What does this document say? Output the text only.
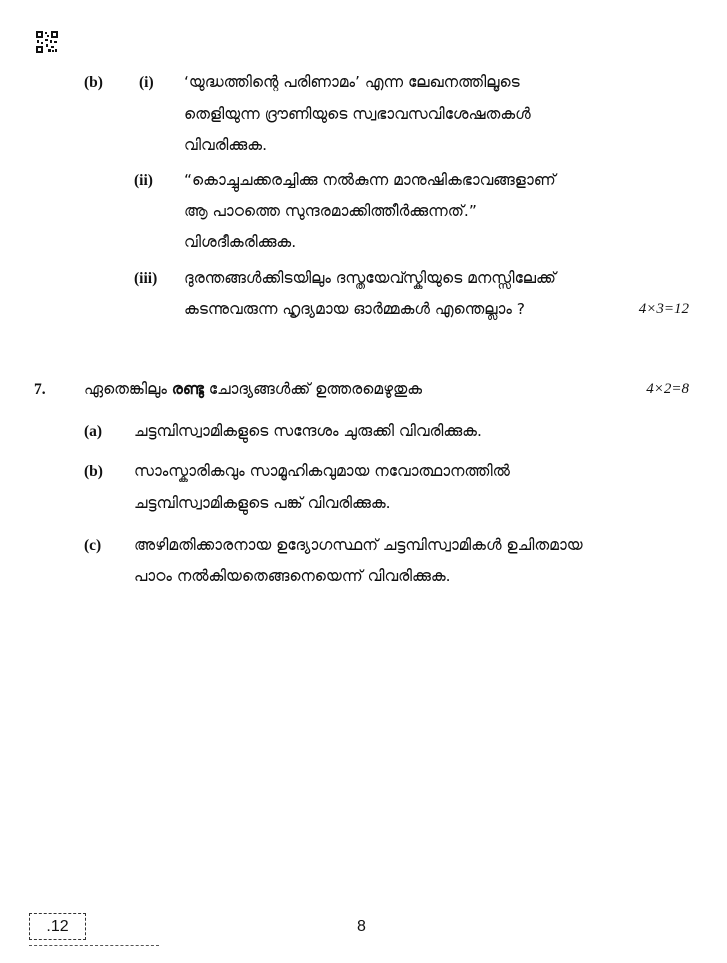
(b) (i) ‘യുദ്ധത്തിന്റെ പരിണാമം’ എന്ന ലേഖനത്തിലൂടെ
തെളിയുന്ന ദ്രൗണിയുടെ സ്വഭാവസവിശേഷതകൾ
വിവരിക്കുക.
(ii) “കൊച്ചുചക്കരച്ചിക്കു നൽകുന്ന മാനുഷികഭാവങ്ങളാണ്
ആ പാഠത്തെ സുന്ദരമാക്കിത്തീർക്കുന്നത്.”
വിശദീകരിക്കുക.
(iii) ദുരന്തങ്ങൾക്കിടയിലും ദസ്തയേവ്സ്കിയുടെ മനസ്സിലേക്ക്
കടന്നുവരുന്ന ഹൃദ്യമായ ഓർമ്മകൾ എന്തെല്ലാം ?	4×3=12
7. ഏതെങ്കിലും രണ്ടു ചോദ്യങ്ങൾക്ക് ഉത്തരമെഴുതുക	4×2=8
(a) ചട്ടമ്പിസ്വാമികളുടെ സന്ദേശം ചുരുക്കി വിവരിക്കുക.
(b) സാംസ്കാരികവും സാമൂഹികവുമായ നവോത്ഥാനത്തിൽ
ചട്ടമ്പിസ്വാമികളുടെ പങ്ക് വിവരിക്കുക.
(c) അഴിമതിക്കാരനായ ഉദ്യോഗസ്ഥന് ചട്ടമ്പിസ്വാമികൾ ഉചിതമായ
പാഠം നൽകിയതെങ്ങനെയെന്ന് വിവരിക്കുക.
.12	8
